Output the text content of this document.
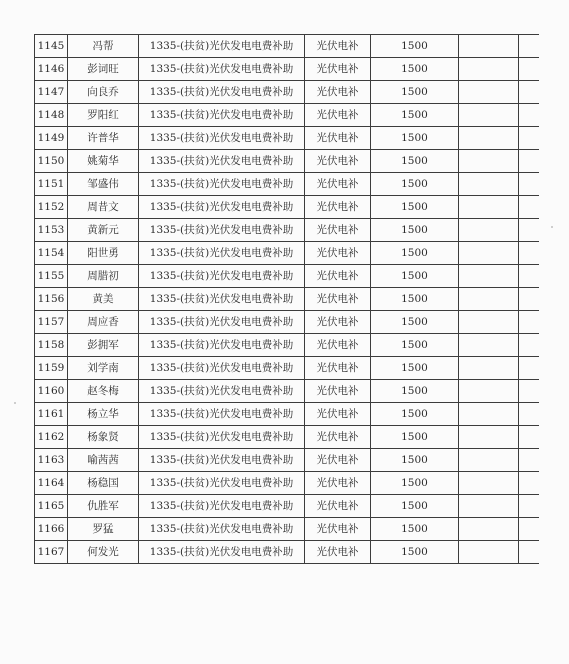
1145	冯帮	1335-(扶贫)光伏发电电费补助	光伏电补	1500		
1146	彭词旺	1335-(扶贫)光伏发电电费补助	光伏电补	1500		
1147	向良乔	1335-(扶贫)光伏发电电费补助	光伏电补	1500		
1148	罗阳红	1335-(扶贫)光伏发电电费补助	光伏电补	1500		
1149	许普华	1335-(扶贫)光伏发电电费补助	光伏电补	1500		
1150	姚菊华	1335-(扶贫)光伏发电电费补助	光伏电补	1500		
1151	邹盛伟	1335-(扶贫)光伏发电电费补助	光伏电补	1500		
1152	周昔文	1335-(扶贫)光伏发电电费补助	光伏电补	1500		
1153	黄新元	1335-(扶贫)光伏发电电费补助	光伏电补	1500		
1154	阳世勇	1335-(扶贫)光伏发电电费补助	光伏电补	1500		
1155	周腊初	1335-(扶贫)光伏发电电费补助	光伏电补	1500		
1156	黄美	1335-(扶贫)光伏发电电费补助	光伏电补	1500		
1157	周应香	1335-(扶贫)光伏发电电费补助	光伏电补	1500		
1158	彭拥军	1335-(扶贫)光伏发电电费补助	光伏电补	1500		
1159	刘学南	1335-(扶贫)光伏发电电费补助	光伏电补	1500		
1160	赵冬梅	1335-(扶贫)光伏发电电费补助	光伏电补	1500		
1161	杨立华	1335-(扶贫)光伏发电电费补助	光伏电补	1500		
1162	杨象贤	1335-(扶贫)光伏发电电费补助	光伏电补	1500		
1163	喻茜茜	1335-(扶贫)光伏发电电费补助	光伏电补	1500		
1164	杨稳国	1335-(扶贫)光伏发电电费补助	光伏电补	1500		
1165	仇胜军	1335-(扶贫)光伏发电电费补助	光伏电补	1500		
1166	罗猛	1335-(扶贫)光伏发电电费补助	光伏电补	1500		
1167	何发光	1335-(扶贫)光伏发电电费补助	光伏电补	1500		
